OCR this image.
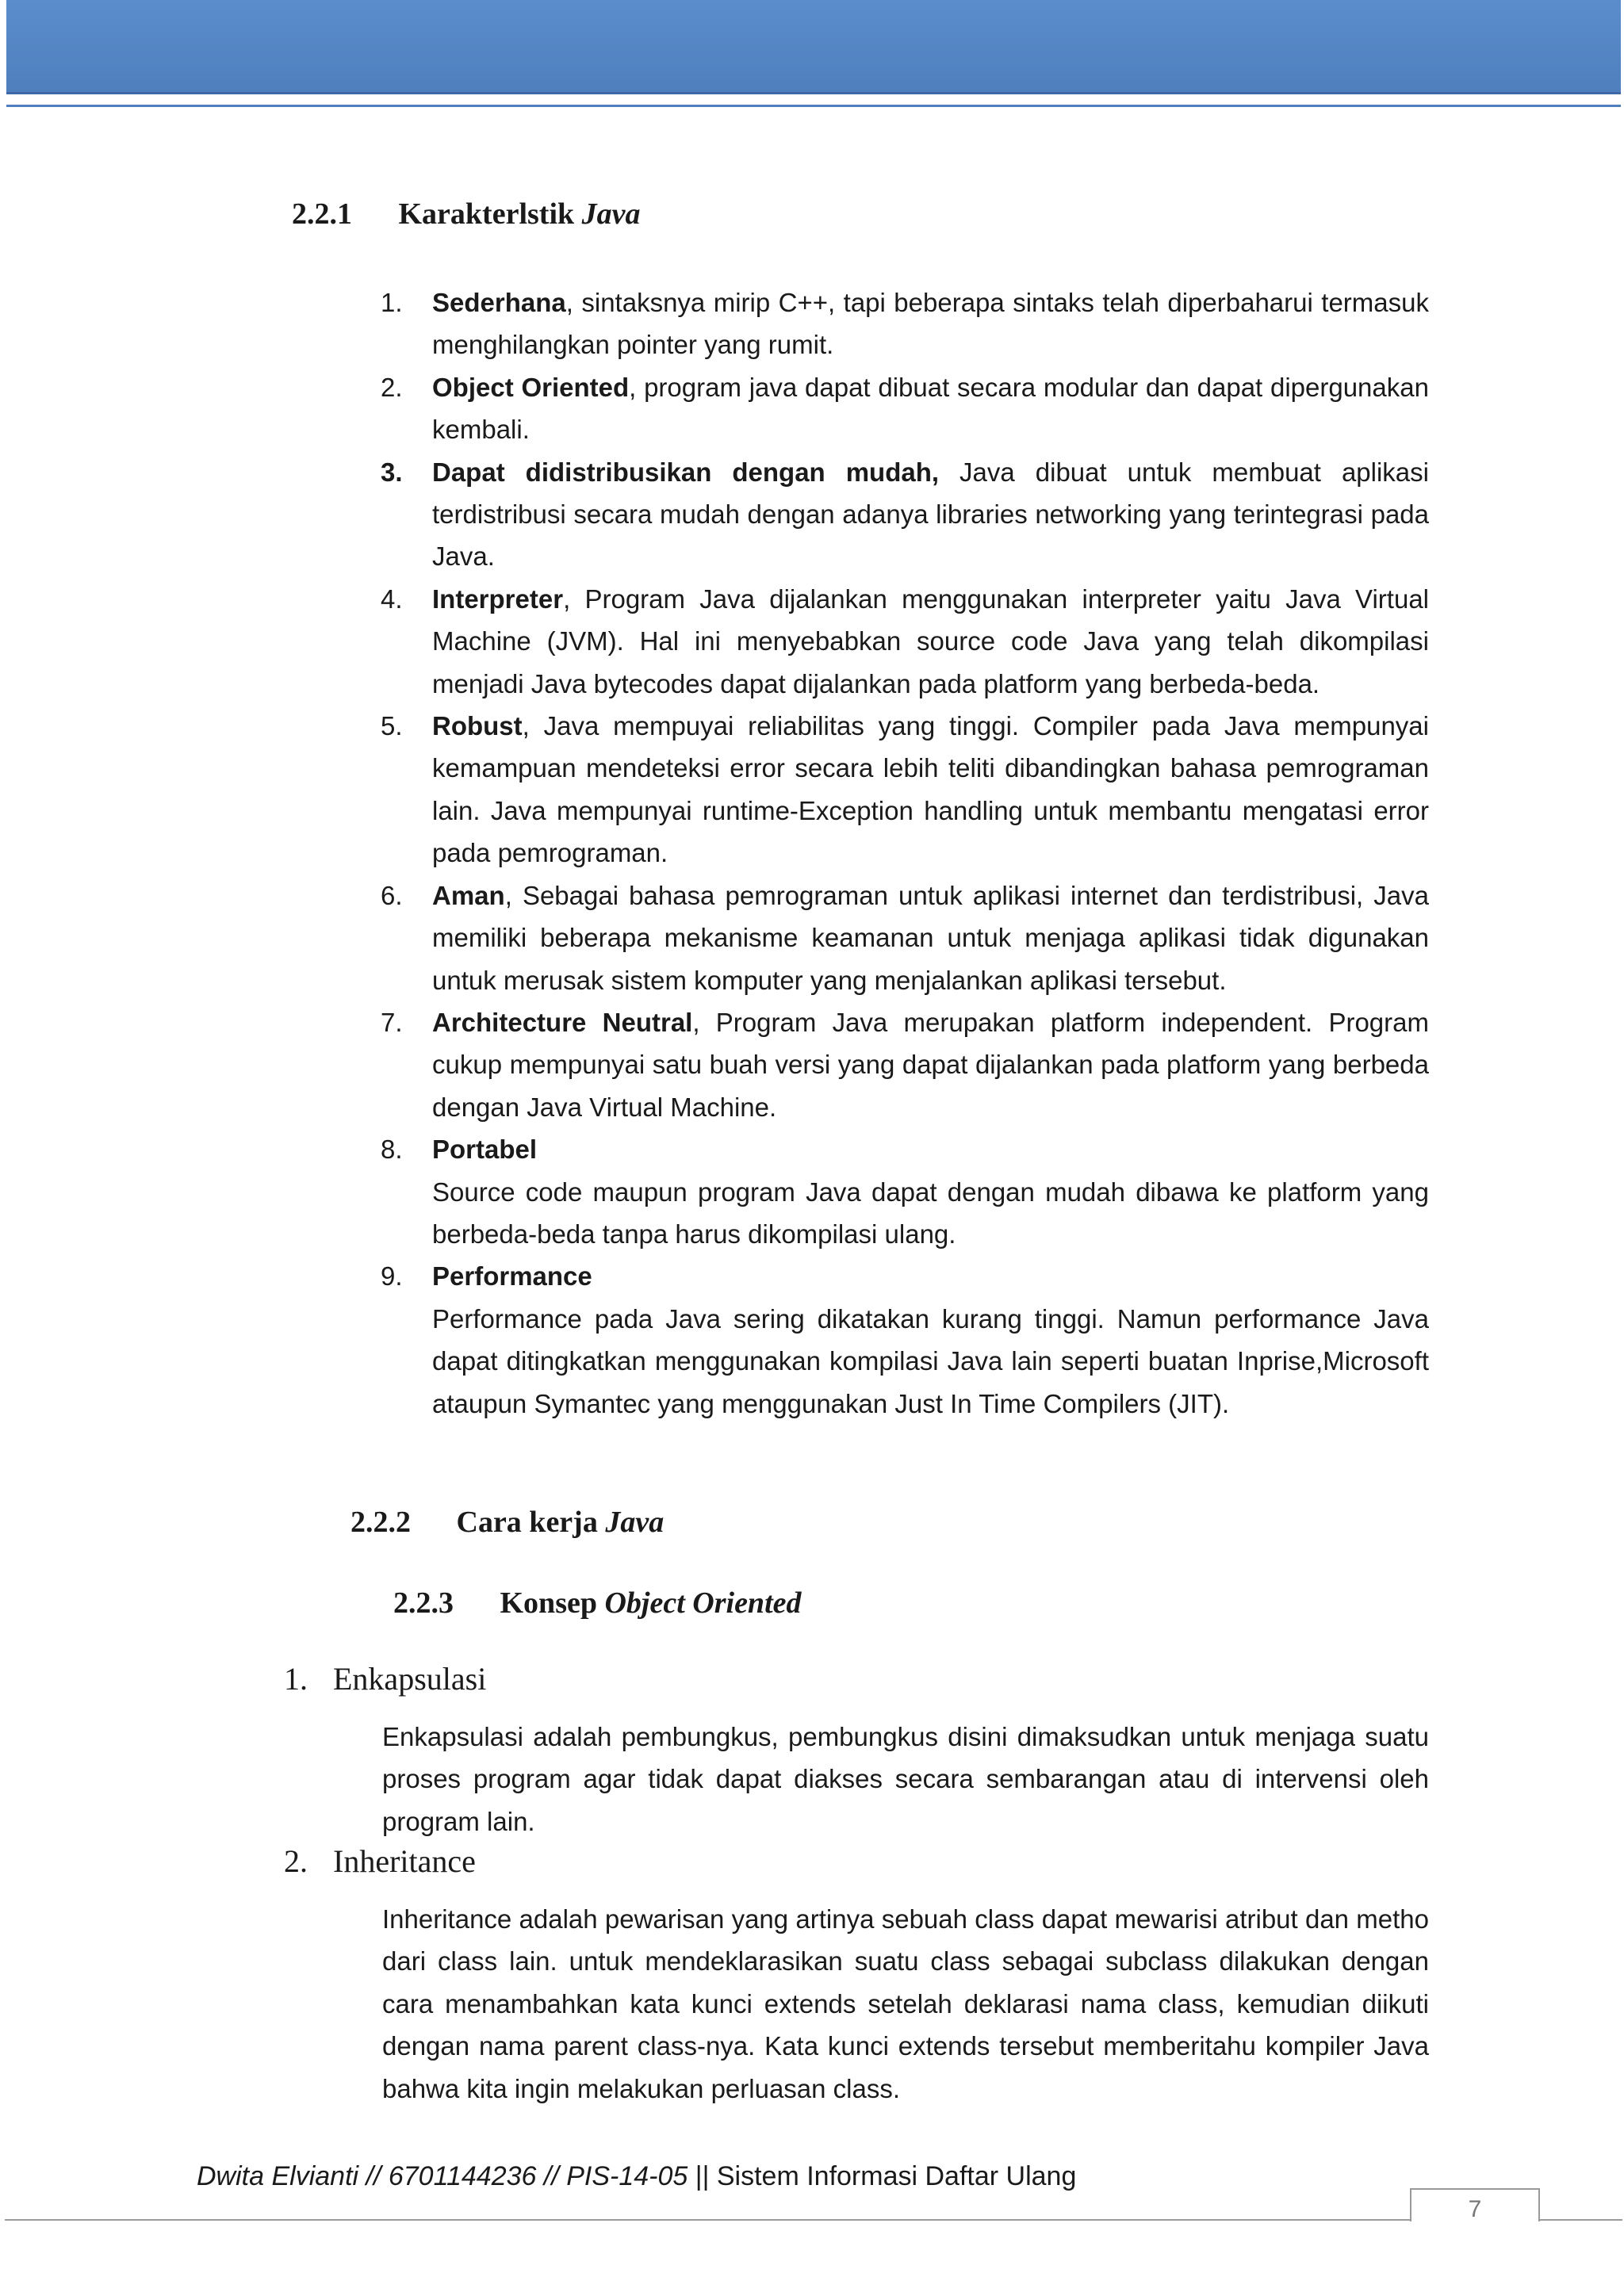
2.2.1 Karakterlstik Java
1. Sederhana, sintaksnya mirip C++, tapi beberapa sintaks telah diperbaharui termasuk menghilangkan pointer yang rumit.
2. Object Oriented, program java dapat dibuat secara modular dan dapat dipergunakan kembali.
3. Dapat didistribusikan dengan mudah, Java dibuat untuk membuat aplikasi terdistribusi secara mudah dengan adanya libraries networking yang terintegrasi pada Java.
4. Interpreter, Program Java dijalankan menggunakan interpreter yaitu Java Virtual Machine (JVM). Hal ini menyebabkan source code Java yang telah dikompilasi menjadi Java bytecodes dapat dijalankan pada platform yang berbeda-beda.
5. Robust, Java mempuyai reliabilitas yang tinggi. Compiler pada Java mempunyai kemampuan mendeteksi error secara lebih teliti dibandingkan bahasa pemrograman lain. Java mempunyai runtime-Exception handling untuk membantu mengatasi error pada pemrograman.
6. Aman, Sebagai bahasa pemrograman untuk aplikasi internet dan terdistribusi, Java memiliki beberapa mekanisme keamanan untuk menjaga aplikasi tidak digunakan untuk merusak sistem komputer yang menjalankan aplikasi tersebut.
7. Architecture Neutral, Program Java merupakan platform independent. Program cukup mempunyai satu buah versi yang dapat dijalankan pada platform yang berbeda dengan Java Virtual Machine.
8. Portabel
Source code maupun program Java dapat dengan mudah dibawa ke platform yang berbeda-beda tanpa harus dikompilasi ulang.
9. Performance
Performance pada Java sering dikatakan kurang tinggi. Namun performance Java dapat ditingkatkan menggunakan kompilasi Java lain seperti buatan Inprise,Microsoft ataupun Symantec yang menggunakan Just In Time Compilers (JIT).
2.2.2 Cara kerja Java
2.2.3 Konsep Object Oriented
1. Enkapsulasi
Enkapsulasi adalah pembungkus, pembungkus disini dimaksudkan untuk menjaga suatu proses program agar tidak dapat diakses secara sembarangan atau di intervensi oleh program lain.
2. Inheritance
Inheritance adalah pewarisan yang artinya sebuah class dapat mewarisi atribut dan metho dari class lain. untuk mendeklarasikan suatu class sebagai subclass dilakukan dengan cara menambahkan kata kunci extends setelah deklarasi nama class, kemudian diikuti dengan nama parent class-nya. Kata kunci extends tersebut memberitahu kompiler Java bahwa kita ingin melakukan perluasan class.
Dwita Elvianti // 6701144236 // PIS-14-05 || Sistem Informasi Daftar Ulang
7
